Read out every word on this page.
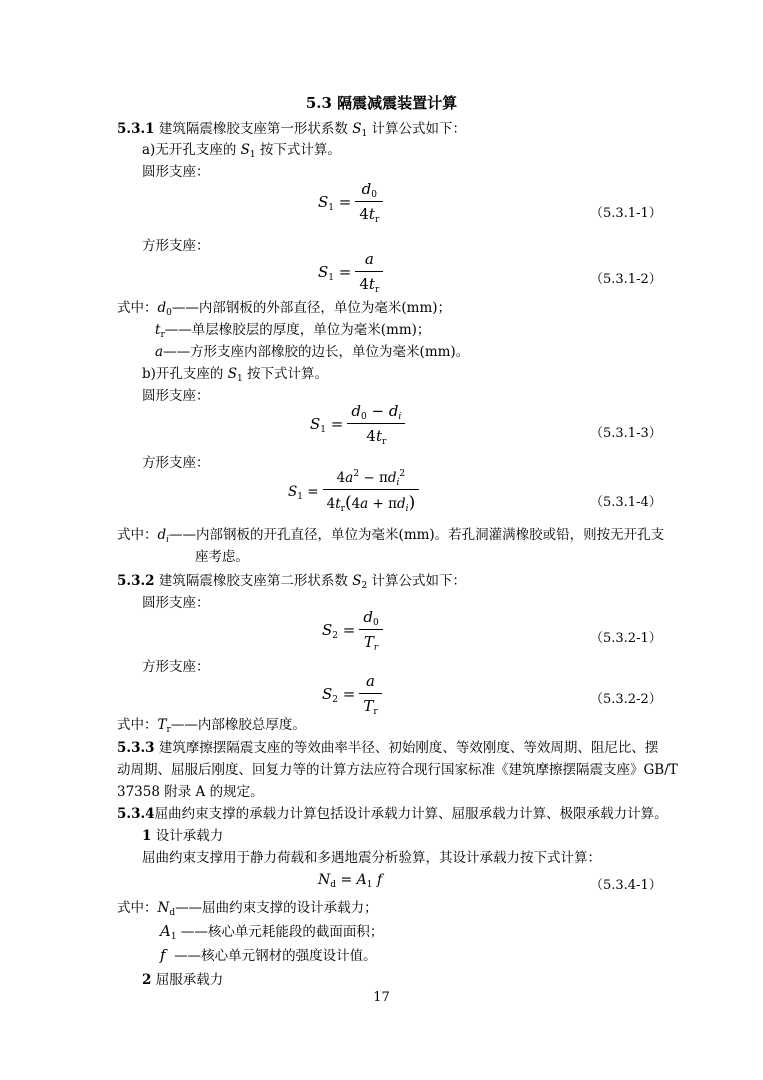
5.3 隔震减震装置计算
5.3.1 建筑隔震橡胶支座第一形状系数 $S_1$ 计算公式如下：
a)无开孔支座的 $S_1$ 按下式计算。
圆形支座：
$S_1 = \frac{d_0}{4t_r}$	（5.3.1-1）
方形支座：
$S_1 = \frac{a}{4t_r}$	（5.3.1-2）
式中：$d_0——$内部钢板的外部直径，单位为毫米(mm)；
$t_r——$单层橡胶层的厚度，单位为毫米(mm)；
a——方形支座内部橡胶的边长，单位为毫米(mm)。
b)开孔支座的 $S_1$ 按下式计算。
圆形支座：
$S_1 = \frac{d_0 - d_i}{4t_r}$	（5.3.1-3）
方形支座：
$S_1 = \frac{4a^2 - \pi d_i^2}{4t_r(4a + \pi d_i)}$	（5.3.1-4）
式中：$d_i——$内部钢板的开孔直径，单位为毫米(mm)。若孔洞灌满橡胶或铅，则按无开孔支
座考虑。
5.3.2 建筑隔震橡胶支座第二形状系数 $S_2$ 计算公式如下：
圆形支座：
$S_2 = \frac{d_0}{T_r}$	（5.3.2-1）
方形支座：
$S_2 = \frac{a}{T_r}$	（5.3.2-2）
式中：$T_r——$内部橡胶总厚度。
5.3.3 建筑摩擦摆隔震支座的等效曲率半径、初始刚度、等效刚度、等效周期、阻尼比、摆
动周期、屈服后刚度、回复力等的计算方法应符合现行国家标准《建筑摩擦摆隔震支座》GB/T
37358 附录 A 的规定。
5.3.4屈曲约束支撑的承载力计算包括设计承载力计算、屈服承载力计算、极限承载力计算。
1 设计承载力
屈曲约束支撑用于静力荷载和多遇地震分析验算，其设计承载力按下式计算：
$N_d = A_1$ f	（5.3.4-1）
式中：$N_d——$屈曲约束支撑的设计承载力；
$A_1$ ——核心单元耗能段的截面面积；
f ——核心单元钢材的强度设计值。
2 屈服承载力
17
